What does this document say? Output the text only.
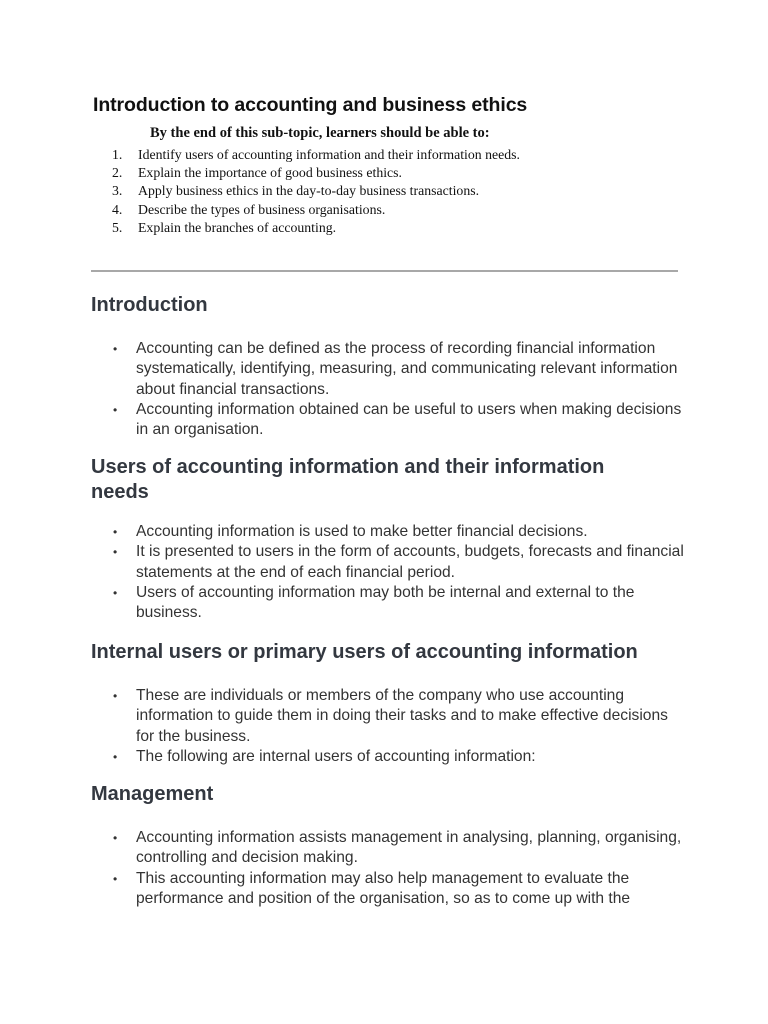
Introduction to accounting and business ethics
By the end of this sub-topic, learners should be able to:
1. Identify users of accounting information and their information needs.
2. Explain the importance of good business ethics.
3. Apply business ethics in the day-to-day business transactions.
4. Describe the types of business organisations.
5. Explain the branches of accounting.
Introduction
• Accounting can be defined as the process of recording financial information systematically, identifying, measuring, and communicating relevant information about financial transactions.
• Accounting information obtained can be useful to users when making decisions in an organisation.
Users of accounting information and their information needs
• Accounting information is used to make better financial decisions.
• It is presented to users in the form of accounts, budgets, forecasts and financial statements at the end of each financial period.
• Users of accounting information may both be internal and external to the business.
Internal users or primary users of accounting information
• These are individuals or members of the company who use accounting information to guide them in doing their tasks and to make effective decisions for the business.
• The following are internal users of accounting information:
Management
• Accounting information assists management in analysing, planning, organising, controlling and decision making.
• This accounting information may also help management to evaluate the performance and position of the organisation, so as to come up with the
